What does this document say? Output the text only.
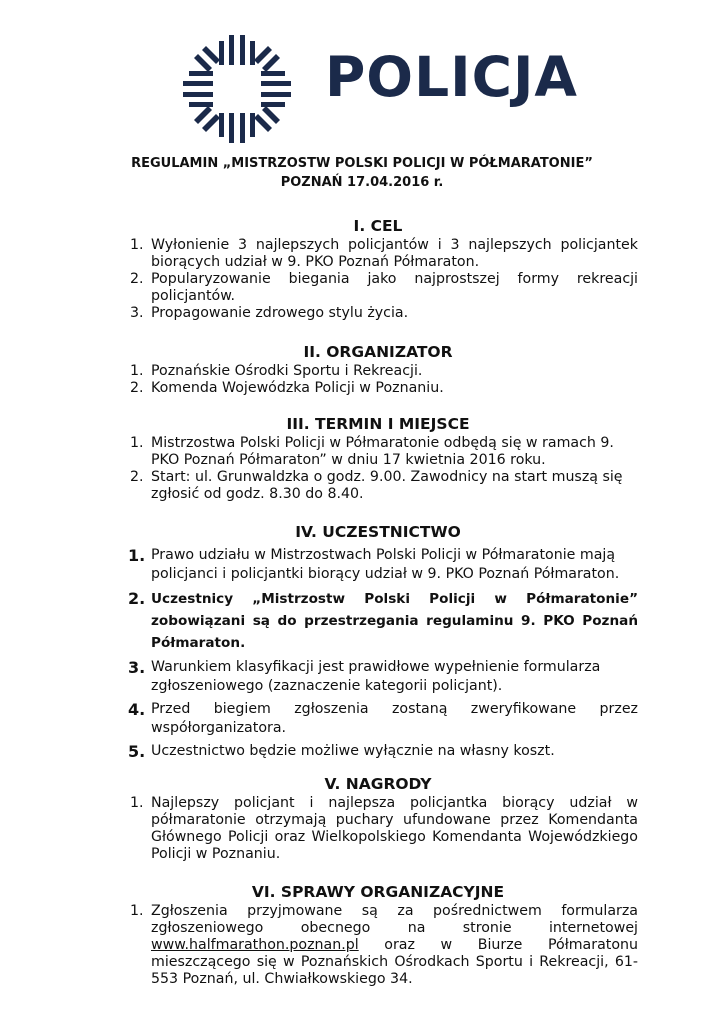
POLICJA
REGULAMIN „MISTRZOSTW POLSKI POLICJI W PÓŁMARATONIE”
POZNAŃ 17.04.2016 r.
I. CEL
1. Wyłonienie 3 najlepszych policjantów i 3 najlepszych policjantek biorących udział w 9. PKO Poznań Półmaraton.
2. Popularyzowanie biegania jako najprostszej formy rekreacji policjantów.
3. Propagowanie zdrowego stylu życia.
II. ORGANIZATOR
1. Poznańskie Ośrodki Sportu i Rekreacji.
2. Komenda Wojewódzka Policji w Poznaniu.
III. TERMIN I MIEJSCE
1. Mistrzostwa Polski Policji w Półmaratonie odbędą się w ramach 9. PKO Poznań Półmaraton” w dniu 17 kwietnia 2016 roku.
2. Start: ul. Grunwaldzka o godz. 9.00. Zawodnicy na start muszą się zgłosić od godz. 8.30 do 8.40.
IV. UCZESTNICTWO
1. Prawo udziału w Mistrzostwach Polski Policji w Półmaratonie mają policjanci i policjantki biorący udział w 9. PKO Poznań Półmaraton.
2. Uczestnicy „Mistrzostw Polski Policji w Półmaratonie” zobowiązani są do przestrzegania regulaminu 9. PKO Poznań Półmaraton.
3. Warunkiem klasyfikacji jest prawidłowe wypełnienie formularza zgłoszeniowego (zaznaczenie kategorii policjant).
4. Przed biegiem zgłoszenia zostaną zweryfikowane przez współorganizatora.
5. Uczestnictwo będzie możliwe wyłącznie na własny koszt.
V. NAGRODY
1. Najlepszy policjant i najlepsza policjantka biorący udział w półmaratonie otrzymają puchary ufundowane przez Komendanta Głównego Policji oraz Wielkopolskiego Komendanta Wojewódzkiego Policji w Poznaniu.
VI. SPRAWY ORGANIZACYJNE
1. Zgłoszenia przyjmowane są za pośrednictwem formularza zgłoszeniowego obecnego na stronie internetowej www.halfmarathon.poznan.pl oraz w Biurze Półmaratonu mieszczącego się w Poznańskich Ośrodkach Sportu i Rekreacji, 61-553 Poznań, ul. Chwiałkowskiego 34.
